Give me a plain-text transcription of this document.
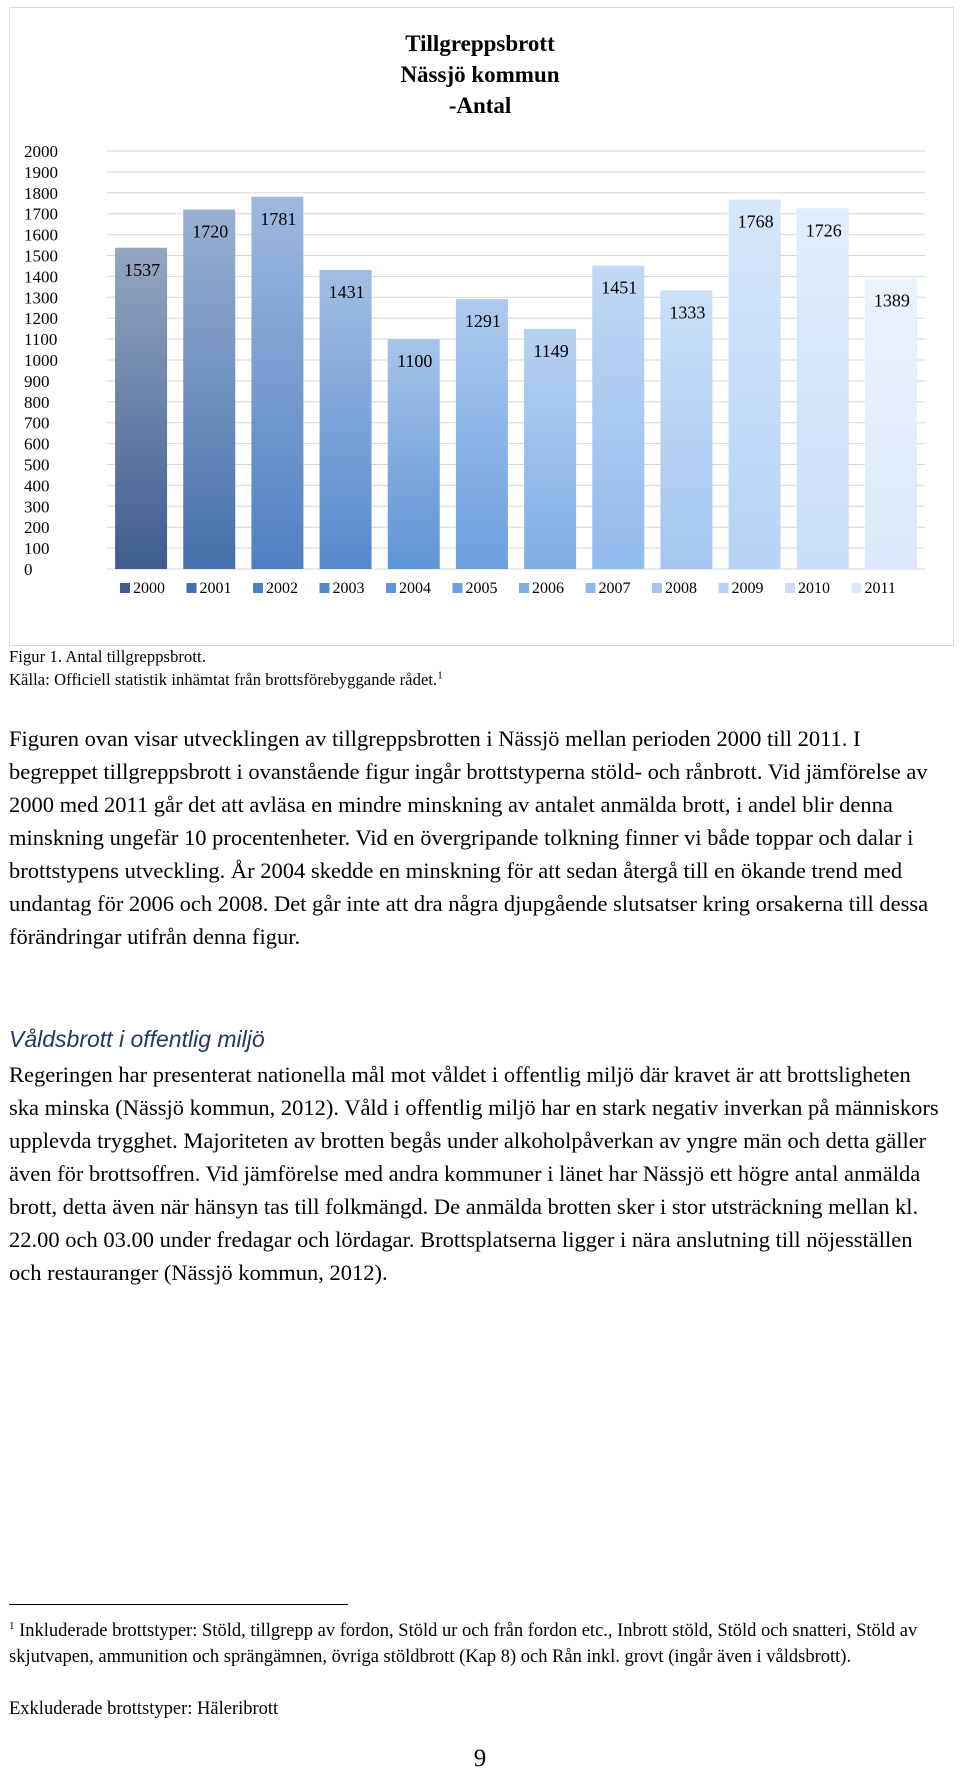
Tillgreppsbrott
Nässjö kommun
-Antal
0
100
200
300
400
500
600
700
800
900
1000
1100
1200
1300
1400
1500
1600
1700
1800
1900
2000
1537
1720
1781
1431
1100
1291
1149
1451
1333
1768 1726
1389
2000 2001 2002 2003 2004 2005 2006 2007 2008 2009 2010 2011
Figur 1. Antal tillgreppsbrott.
Källa: Officiell statistik inhämtat från brottsförebyggande rådet.$^1$
Figuren ovan visar utvecklingen av tillgreppsbrotten i Nässjö mellan perioden 2000 till 2011. I begreppet tillgreppsbrott i ovanstående figur ingår brottstyperna stöld- och rånbrott. Vid jämförelse av 2000 med 2011 går det att avläsa en mindre minskning av antalet anmälda brott, i andel blir denna minskning ungefär 10 procentenheter. Vid en övergripande tolkning finner vi både toppar och dalar i brottstypens utveckling. År 2004 skedde en minskning för att sedan återgå till en ökande trend med undantag för 2006 och 2008. Det går inte att dra några djupgående slutsatser kring orsakerna till dessa förändringar utifrån denna figur.
Våldsbrott i offentlig miljö
Regeringen har presenterat nationella mål mot våldet i offentlig miljö där kravet är att brottsligheten ska minska (Nässjö kommun, 2012). Våld i offentlig miljö har en stark negativ inverkan på människors upplevda trygghet. Majoriteten av brotten begås under alkoholpåverkan av yngre män och detta gäller även för brottsoffren. Vid jämförelse med andra kommuner i länet har Nässjö ett högre antal anmälda brott, detta även när hänsyn tas till folkmängd. De anmälda brotten sker i stor utsträckning mellan kl. 22.00 och 03.00 under fredagar och lördagar. Brottsplatserna ligger i nära anslutning till nöjesställen och restauranger (Nässjö kommun, 2012).
$^1$ Inkluderade brottstyper: Stöld, tillgrepp av fordon, Stöld ur och från fordon etc., Inbrott stöld, Stöld och snatteri, Stöld av skjutvapen, ammunition och sprängämnen, övriga stöldbrott (Kap 8) och Rån inkl. grovt (ingår även i våldsbrott).
Exkluderade brottstyper: Häleribrott
9
